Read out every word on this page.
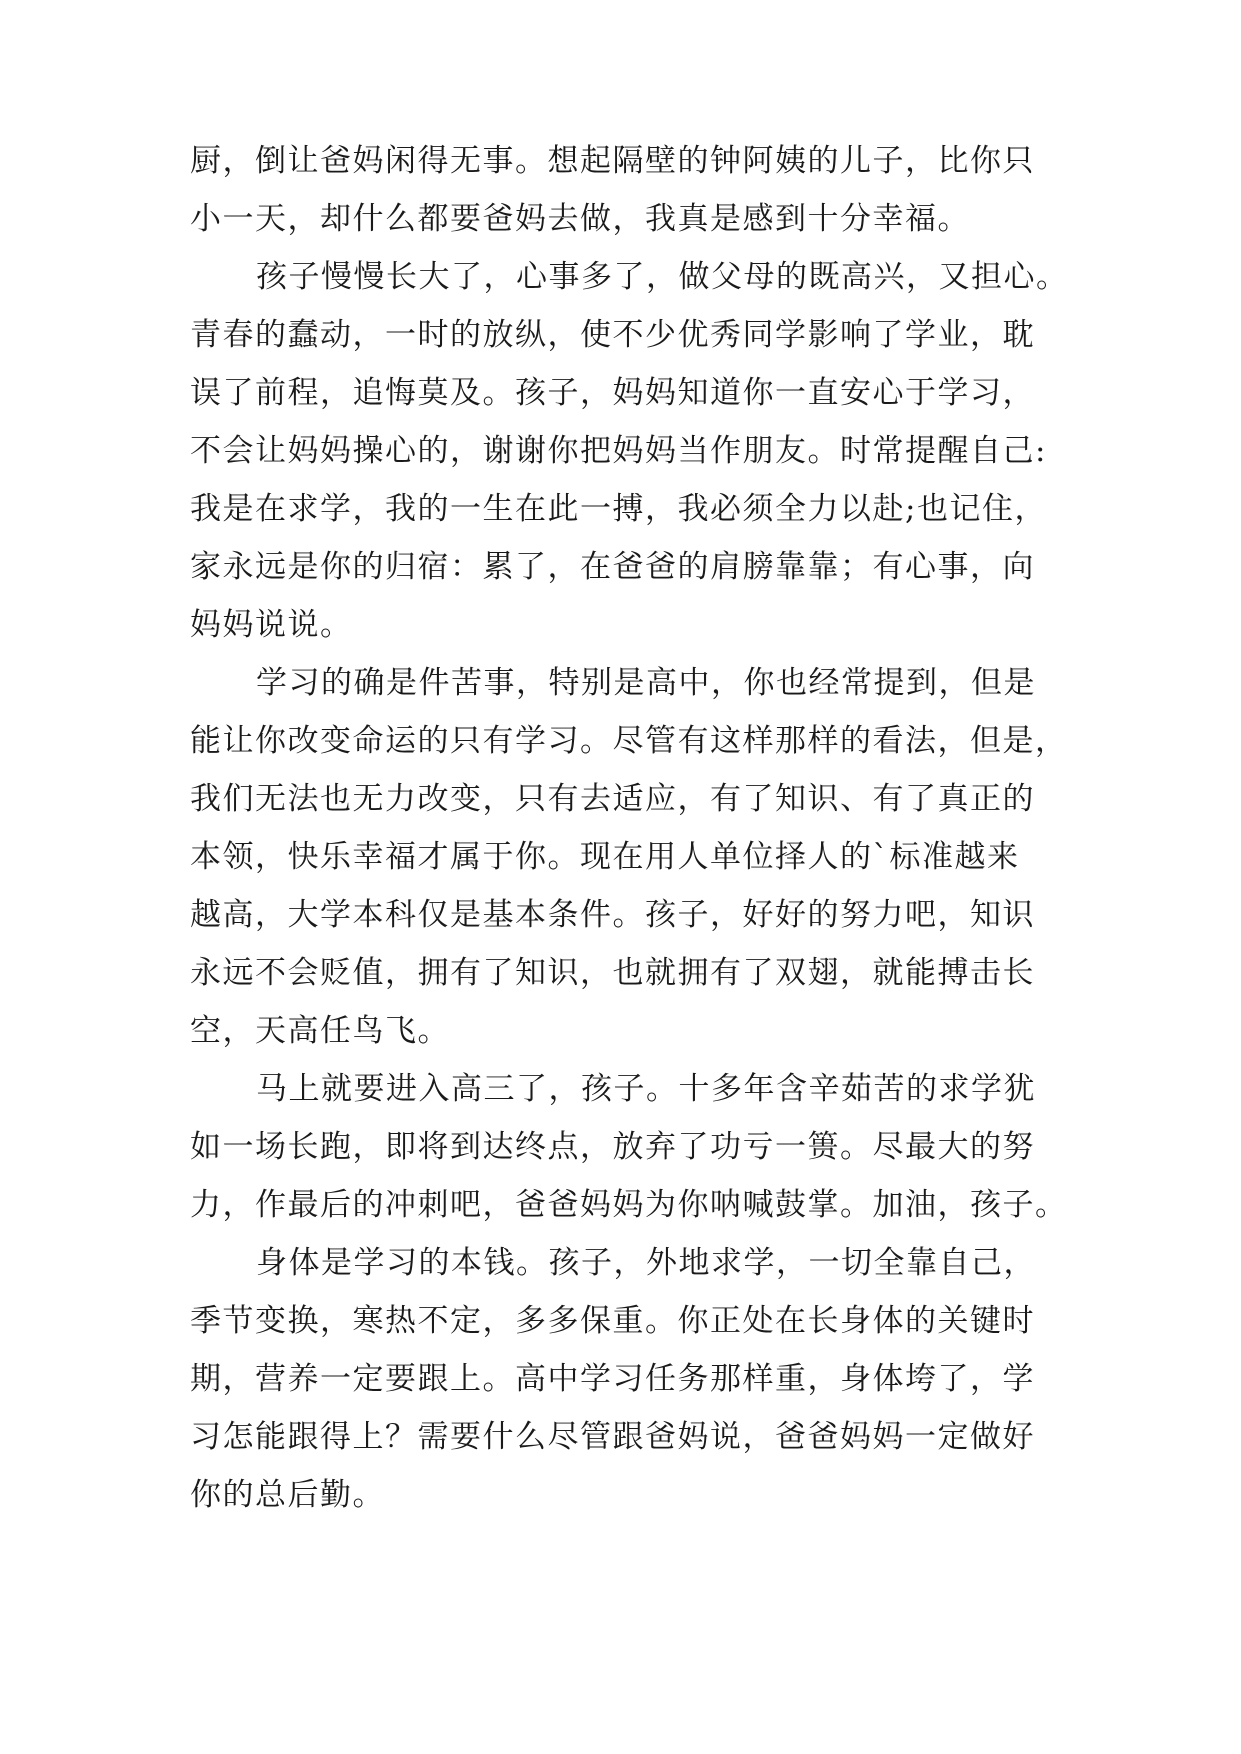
厨，倒让爸妈闲得无事。想起隔壁的钟阿姨的儿子，比你只
小一天，却什么都要爸妈去做，我真是感到十分幸福。
孩子慢慢长大了，心事多了，做父母的既高兴，又担心。
青春的蠢动，一时的放纵，使不少优秀同学影响了学业，耽
误了前程，追悔莫及。孩子，妈妈知道你一直安心于学习，
不会让妈妈操心的，谢谢你把妈妈当作朋友。时常提醒自己:
我是在求学，我的一生在此一搏，我必须全力以赴;也记住，
家永远是你的归宿：累了，在爸爸的肩膀靠靠；有心事，向
妈妈说说。
学习的确是件苦事，特别是高中，你也经常提到，但是
能让你改变命运的只有学习。尽管有这样那样的看法，但是，
我们无法也无力改变，只有去适应，有了知识、有了真正的
本领，快乐幸福才属于你。现在用人单位择人的`标准越来
越高，大学本科仅是基本条件。孩子，好好的努力吧，知识
永远不会贬值，拥有了知识，也就拥有了双翅，就能搏击长
空，天高任鸟飞。
马上就要进入高三了，孩子。十多年含辛茹苦的求学犹
如一场长跑，即将到达终点，放弃了功亏一篑。尽最大的努
力，作最后的冲刺吧，爸爸妈妈为你呐喊鼓掌。加油，孩子。
身体是学习的本钱。孩子，外地求学，一切全靠自己，
季节变换，寒热不定，多多保重。你正处在长身体的关键时
期，营养一定要跟上。高中学习任务那样重，身体垮了，学
习怎能跟得上？需要什么尽管跟爸妈说，爸爸妈妈一定做好
你的总后勤。
